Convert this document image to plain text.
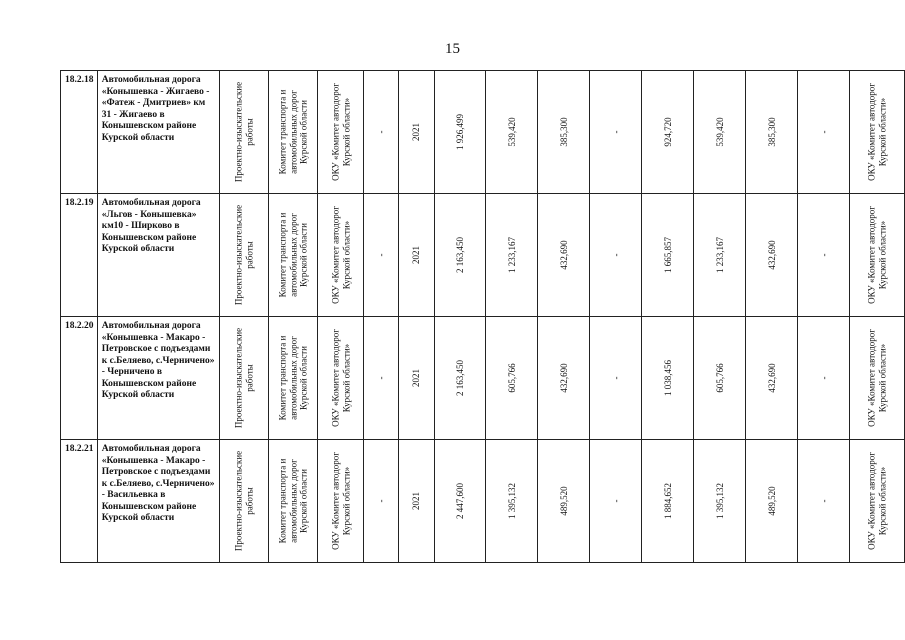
15
18.2.18	Автомобильная дорога «Конышевка - Жигаево - «Фатеж - Дмитриев» км 31 - Жигаево в Конышевском районе Курской области	Проектно-изыскательские работы	Комитет транспорта и автомобильных дорог Курской области	ОКУ «Комитет автодоpoг Курской области»	-	2021	1 926,499	539,420	385,300	-	924,720	539,420	385,300	-	ОКУ «Комитет автодорог Курской области»

18.2.19	Автомобильная дорога «Льгов - Конышевка» км10 - Ширково в Конышевском районе Курской области	Проектно-изыскательские работы	Комитет транспорта и автомобильных дорог Курской области	ОКУ «Комитет автодорог Курской области»	-	2021	2 163,450	1 233,167	432,690	-	1 665,857	1 233,167	432,690	-	ОКУ «Комитет автодорог Курской области»

18.2.20	Автомобильная дорога «Конышевка - Макаро - Петровское с подъездами к с.Беляево, с.Черничено» - Черничено в Конышевском районе Курской области	Проектно-изыскательские работы	Комитет транспорта и автомобильных дорог Курской области	ОКУ «Комитет автодорог Курской области»	-	2021	2 163,450	605,766	432,690	-	1 038,456	605,766	432,690	-	ОКУ «Комитет автодорог Курской области»

18.2.21	Автомобильная дорога «Конышевка - Макаро - Петровское с подъездами к с.Беляево, с.Черничено» - Васильевка в Конышевском районе Курской области	Проектно-изыскательские работы	Комитет транспорта и автомобильных дорог Курской области	ОКУ «Комитет автодорог Курской области»	-	2021	2 447,600	1 395,132	489,520	-	1 884,652	1 395,132	489,520	-	ОКУ «Комитет автодорог Курской области»
